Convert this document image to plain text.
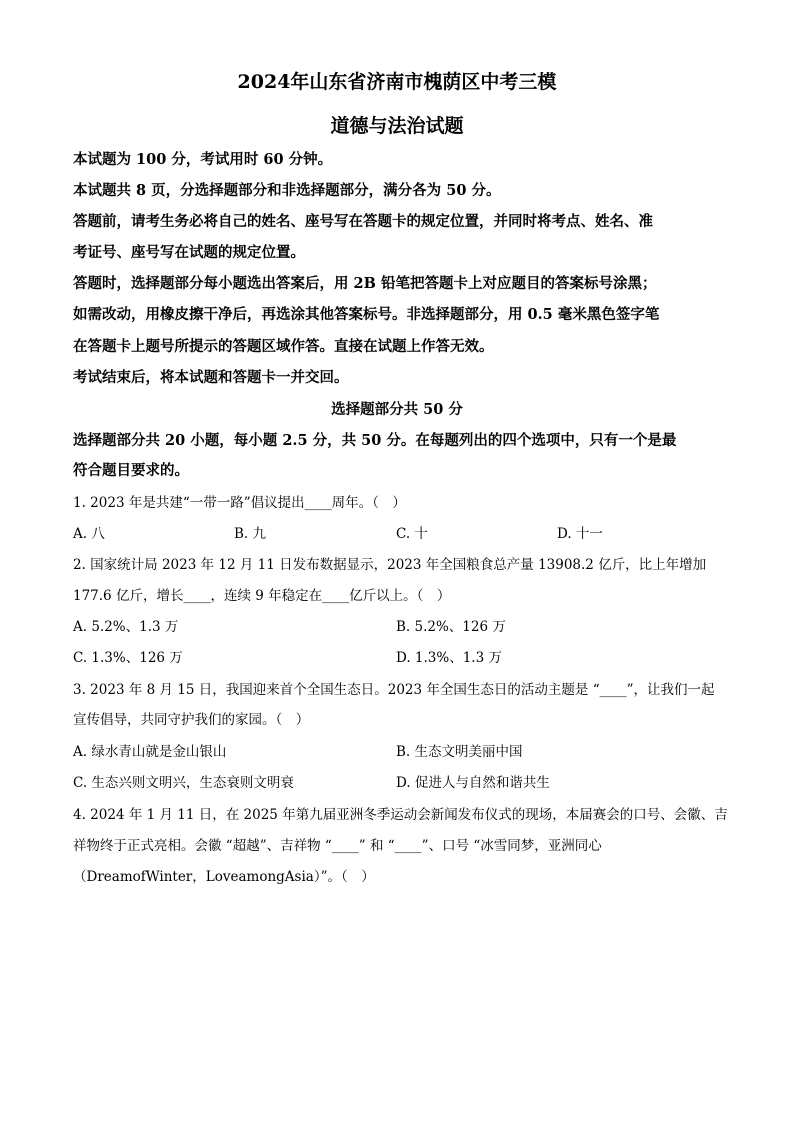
2024年山东省济南市槐荫区中考三模
道德与法治试题
本试题为 100 分，考试用时 60 分钟。
本试题共 8 页，分选择题部分和非选择题部分，满分各为 50 分。
答题前，请考生务必将自己的姓名、座号写在答题卡的规定位置，并同时将考点、姓名、准
考证号、座号写在试题的规定位置。
答题时，选择题部分每小题选出答案后，用 2B 铅笔把答题卡上对应题目的答案标号涂黑；
如需改动，用橡皮擦干净后，再选涂其他答案标号。非选择题部分，用 0.5 毫米黑色签字笔
在答题卡上题号所提示的答题区域作答。直接在试题上作答无效。
考试结束后，将本试题和答题卡一并交回。
选择题部分共 50 分
选择题部分共 20 小题，每小题 2.5 分，共 50 分。在每题列出的四个选项中，只有一个是最
符合题目要求的。
1. 2023 年是共建“一带一路”倡议提出____周年。（　）
A. 八	B. 九	C. 十	D. 十一
2. 国家统计局 2023 年 12 月 11 日发布数据显示，2023 年全国粮食总产量 13908.2 亿斤，比上年增加
177.6 亿斤，增长____，连续 9 年稳定在____亿斤以上。（　）
A. 5.2%、1.3 万	B. 5.2%、126 万
C. 1.3%、126 万	D. 1.3%、1.3 万
3. 2023 年 8 月 15 日，我国迎来首个全国生态日。2023 年全国生态日的活动主题是 “____”，让我们一起
宣传倡导，共同守护我们的家园。（　）
A. 绿水青山就是金山银山	B. 生态文明美丽中国
C. 生态兴则文明兴，生态衰则文明衰	D. 促进人与自然和谐共生
4. 2024 年 1 月 11 日，在 2025 年第九届亚洲冬季运动会新闻发布仪式的现场，本届赛会的口号、会徽、吉
祥物终于正式亮相。会徽 “超越”、吉祥物 “____” 和 “____”、口号 “冰雪同梦，亚洲同心
（DreamofWinter，LoveamongAsia）”。（　）
